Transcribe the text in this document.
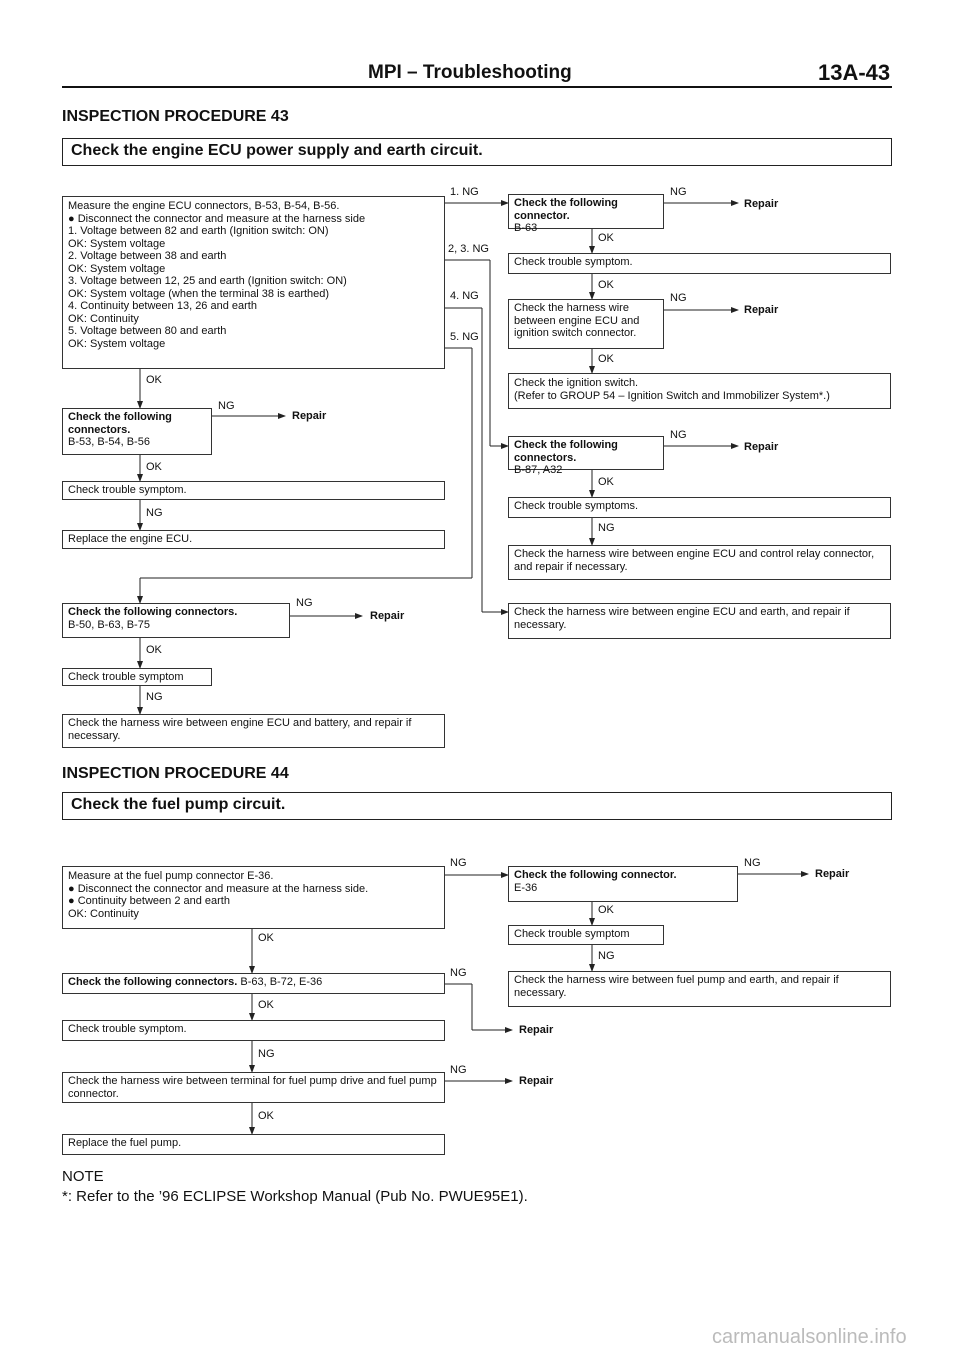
MPI – Troubleshooting	13A-43
INSPECTION PROCEDURE 43
Check the engine ECU power supply and earth circuit.
Measure the engine ECU connectors, B-53, B-54, B-56.
● Disconnect the connector and measure at the harness side
1. Voltage between 82 and earth (Ignition switch: ON)
OK: System voltage
2. Voltage between 38 and earth
OK: System voltage
3. Voltage between 12, 25 and earth (Ignition switch: ON)
OK: System voltage (when the terminal 38 is earthed)
4. Continuity between 13, 26 and earth
OK: Continuity
5. Voltage between 80 and earth
OK: System voltage
1. NG
2, 3. NG
4. NG
5. NG
OK
Check the following connectors.
B-53, B-54, B-56
NG
Repair
OK
Check trouble symptom.
NG
Replace the engine ECU.
Check the following connectors.
B-50, B-63, B-75
NG
Repair
OK
Check trouble symptom
NG
Check the harness wire between engine ECU and battery, and repair if necessary.
Check the following connector.
B-63
NG
Repair
OK
Check trouble symptom.
OK
Check the harness wire between engine ECU and ignition switch connector.
NG
Repair
OK
Check the ignition switch.
(Refer to GROUP 54 – Ignition Switch and Immobilizer System*.)
Check the following connectors.
B-87, A32
NG
Repair
OK
Check trouble symptoms.
NG
Check the harness wire between engine ECU and control relay connector, and repair if necessary.
Check the harness wire between engine ECU and earth, and repair if necessary.
INSPECTION PROCEDURE 44
Check the fuel pump circuit.
Measure at the fuel pump connector E-36.
● Disconnect the connector and measure at the harness side.
● Continuity between 2 and earth
OK: Continuity
NG
Check the following connector.
E-36
NG
Repair
OK
Check trouble symptom
NG
Check the harness wire between fuel pump and earth, and repair if necessary.
OK
Check the following connectors. B-63, B-72, E-36
NG
OK
Check trouble symptom.	Repair
NG
Check the harness wire between terminal for fuel pump drive and fuel pump connector.
NG
Repair
OK
Replace the fuel pump.
NOTE
*: Refer to the ’96 ECLIPSE Workshop Manual (Pub No. PWUE95E1).
carmanualsonline.info
